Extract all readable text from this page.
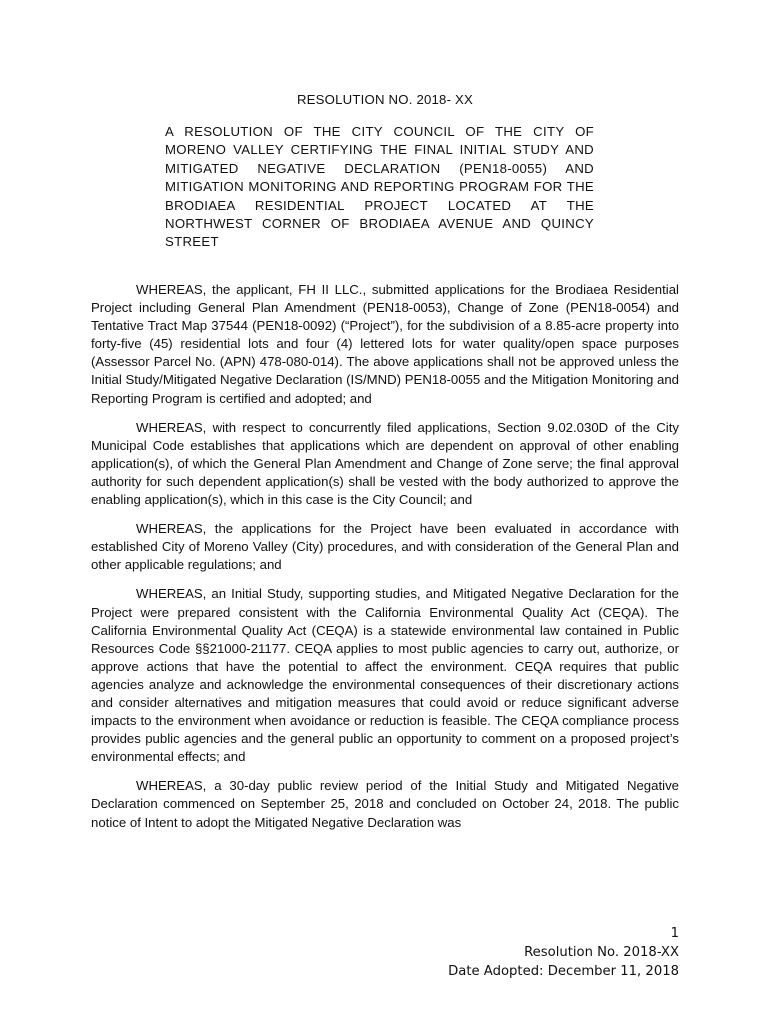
RESOLUTION NO. 2018- XX
A RESOLUTION OF THE CITY COUNCIL OF THE CITY OF MORENO VALLEY CERTIFYING THE FINAL INITIAL STUDY AND MITIGATED NEGATIVE DECLARATION (PEN18-0055) AND MITIGATION MONITORING AND REPORTING PROGRAM FOR THE BRODIAEA RESIDENTIAL PROJECT LOCATED AT THE NORTHWEST CORNER OF BRODIAEA AVENUE AND QUINCY STREET

WHEREAS, the applicant, FH II LLC., submitted applications for the Brodiaea Residential Project including General Plan Amendment (PEN18-0053), Change of Zone (PEN18-0054) and Tentative Tract Map 37544 (PEN18-0092) (“Project”), for the subdivision of a 8.85-acre property into forty-five (45) residential lots and four (4) lettered lots for water quality/open space purposes (Assessor Parcel No. (APN) 478-080-014). The above applications shall not be approved unless the Initial Study/Mitigated Negative Declaration (IS/MND) PEN18-0055 and the Mitigation Monitoring and Reporting Program is certified and adopted; and

WHEREAS, with respect to concurrently filed applications, Section 9.02.030D of the City Municipal Code establishes that applications which are dependent on approval of other enabling application(s), of which the General Plan Amendment and Change of Zone serve; the final approval authority for such dependent application(s) shall be vested with the body authorized to approve the enabling application(s), which in this case is the City Council; and

WHEREAS, the applications for the Project have been evaluated in accordance with established City of Moreno Valley (City) procedures, and with consideration of the General Plan and other applicable regulations; and

WHEREAS, an Initial Study, supporting studies, and Mitigated Negative Declaration for the Project were prepared consistent with the California Environmental Quality Act (CEQA). The California Environmental Quality Act (CEQA) is a statewide environmental law contained in Public Resources Code §§21000-21177. CEQA applies to most public agencies to carry out, authorize, or approve actions that have the potential to affect the environment. CEQA requires that public agencies analyze and acknowledge the environmental consequences of their discretionary actions and consider alternatives and mitigation measures that could avoid or reduce significant adverse impacts to the environment when avoidance or reduction is feasible. The CEQA compliance process provides public agencies and the general public an opportunity to comment on a proposed project’s environmental effects; and

WHEREAS, a 30-day public review period of the Initial Study and Mitigated Negative Declaration commenced on September 25, 2018 and concluded on October 24, 2018. The public notice of Intent to adopt the Mitigated Negative Declaration was

1
Resolution No. 2018-XX
Date Adopted: December 11, 2018
